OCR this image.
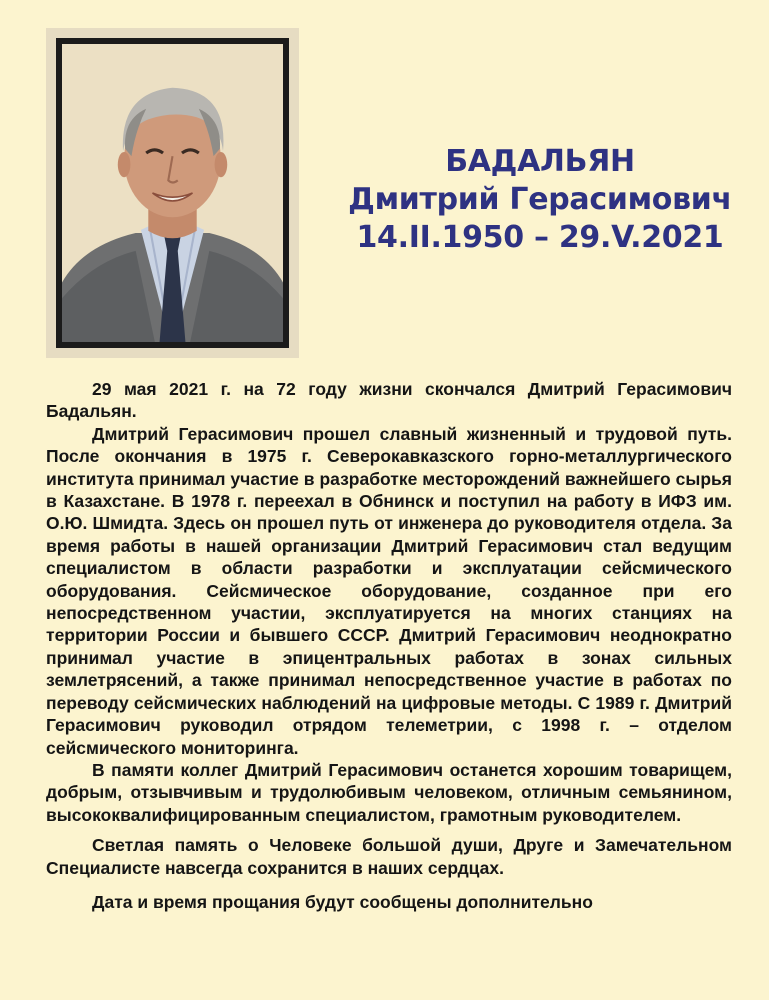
БАДАЛЬЯН
Дмитрий Герасимович
14.II.1950 – 29.V.2021

29 мая 2021 г. на 72 году жизни скончался Дмитрий Герасимович Бадальян.

Дмитрий Герасимович прошел славный жизненный и трудовой путь. После окончания в 1975 г. Северокавказского горно-металлургического института принимал участие в разработке месторождений важнейшего сырья в Казахстане. В 1978 г. переехал в Обнинск и поступил на работу в ИФЗ им. О.Ю. Шмидта. Здесь он прошел путь от инженера до руководителя отдела. За время работы в нашей организации Дмитрий Герасимович стал ведущим специалистом в области разработки и эксплуатации сейсмического оборудования. Сейсмическое оборудование, созданное при его непосредственном участии, эксплуатируется на многих станциях на территории России и бывшего СССР. Дмитрий Герасимович неоднократно принимал участие в эпицентральных работах в зонах сильных землетрясений, а также принимал непосредственное участие в работах по переводу сейсмических наблюдений на цифровые методы. С 1989 г. Дмитрий Герасимович руководил отрядом телеметрии, с 1998 г. – отделом сейсмического мониторинга.

В памяти коллег Дмитрий Герасимович останется хорошим товарищем, добрым, отзывчивым и трудолюбивым человеком, отличным семьянином, высококвалифицированным специалистом, грамотным руководителем.

Светлая память о Человеке большой души, Друге и Замечательном Специалисте навсегда сохранится в наших сердцах.

Дата и время прощания будут сообщены дополнительно
